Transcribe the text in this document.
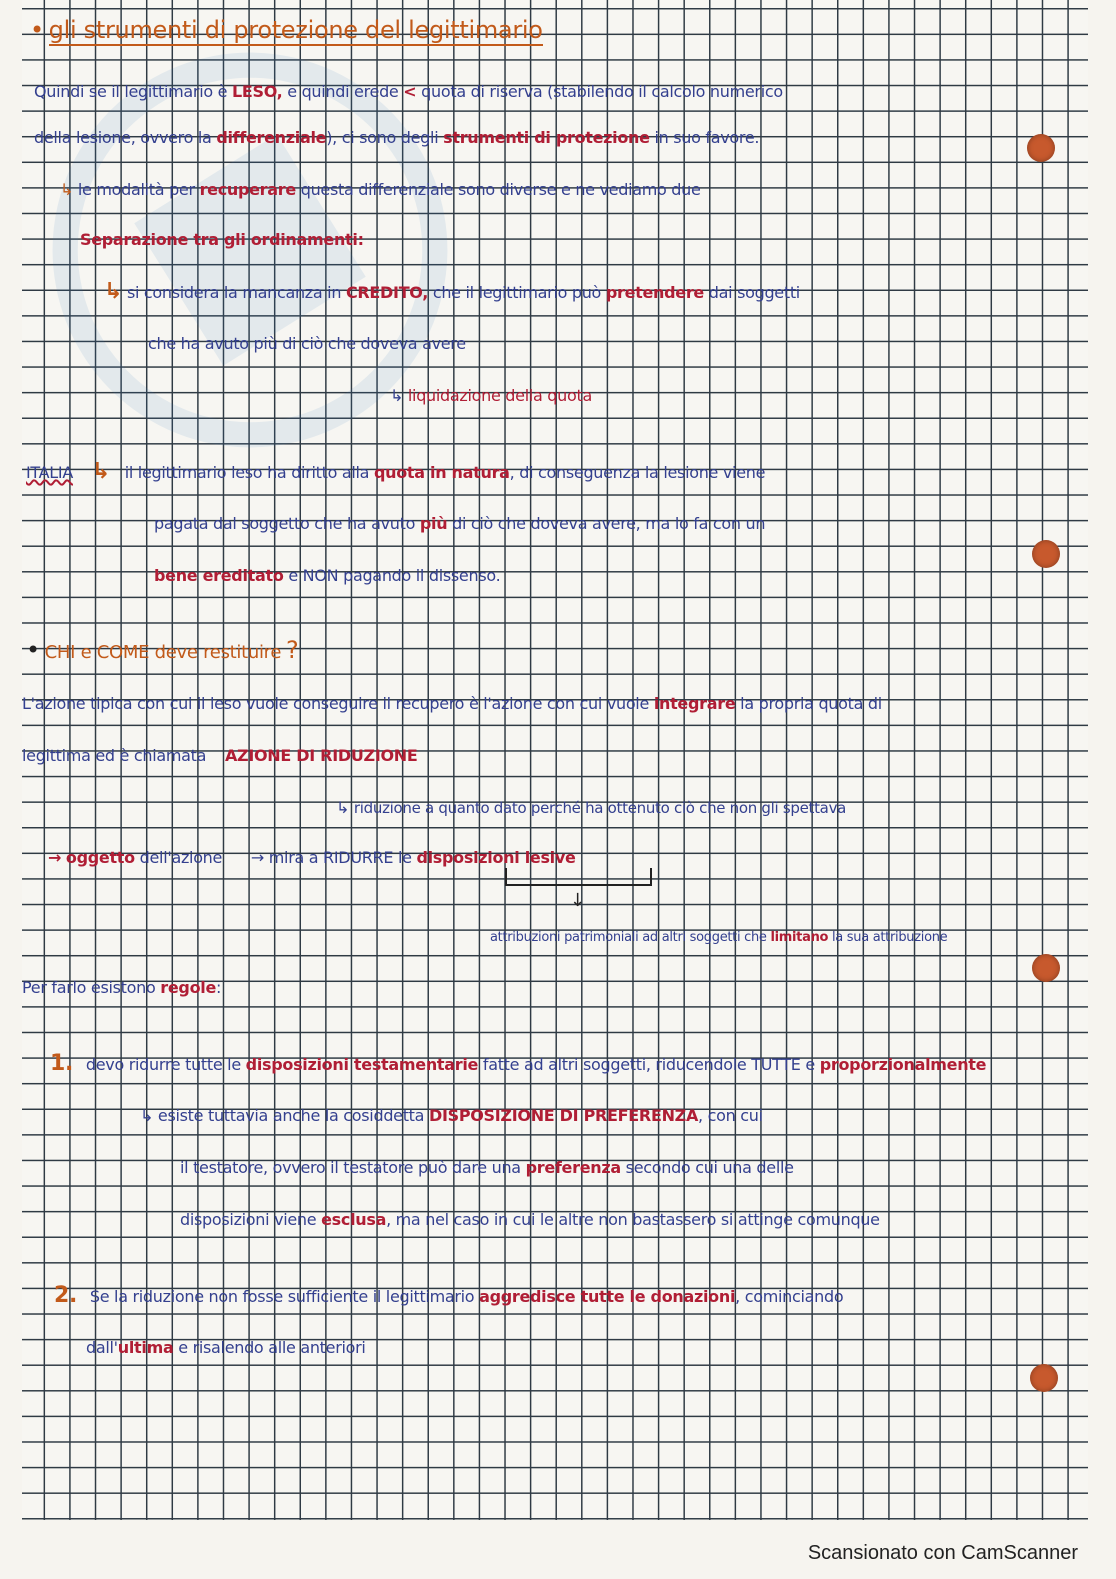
• gli strumenti di protezione del legittimario
Quindi se il legittimario è LESO, e quindi erede < quota di riserva (stabilendo il calcolo numerico
della lesione, ovvero la differenziale), ci sono degli strumenti di protezione in suo favore.
↳ le modalità per recuperare questa differenziale sono diverse e ne vediamo due
Separazione tra gli ordinamenti:
↳ si considera la mancanza in CREDITO, che il legittimario può pretendere dai soggetti
che ha avuto più di ciò che doveva avere
↳ liquidazione della quota
ITALIA ↳ il legittimario leso ha diritto alla quota in natura, di conseguenza la lesione viene
pagata dal soggetto che ha avuto più di ciò che doveva avere, ma lo fa con un
bene ereditato e NON pagando il dissenso.
• CHI e COME deve restituire ?
L'azione tipica con cui il leso vuole conseguire il recupero è l'azione con cui vuole integrare la propria quota di
legittima ed è chiamata AZIONE DI RIDUZIONE
↳ riduzione a quanto dato perché ha ottenuto ciò che non gli spettava
→ oggetto dell'azione → mira a RIDURRE le disposizioni lesive
↓
attribuzioni patrimoniali ad altri soggetti che limitano la sua attribuzione
Per farlo esistono regole:
1. devo ridurre tutte le disposizioni testamentarie fatte ad altri soggetti, riducendole TUTTE e proporzionalmente
↳ esiste tuttavia anche la cosiddetta DISPOSIZIONE DI PREFERENZA, con cui
il testatore, ovvero il testatore può dare una preferenza secondo cui una delle
disposizioni viene esclusa, ma nel caso in cui le altre non bastassero si attinge comunque
2. Se la riduzione non fosse sufficiente il legittimario aggredisce tutte le donazioni, cominciando
dall'ultima e risalendo alle anteriori
Scansionato con CamScanner
